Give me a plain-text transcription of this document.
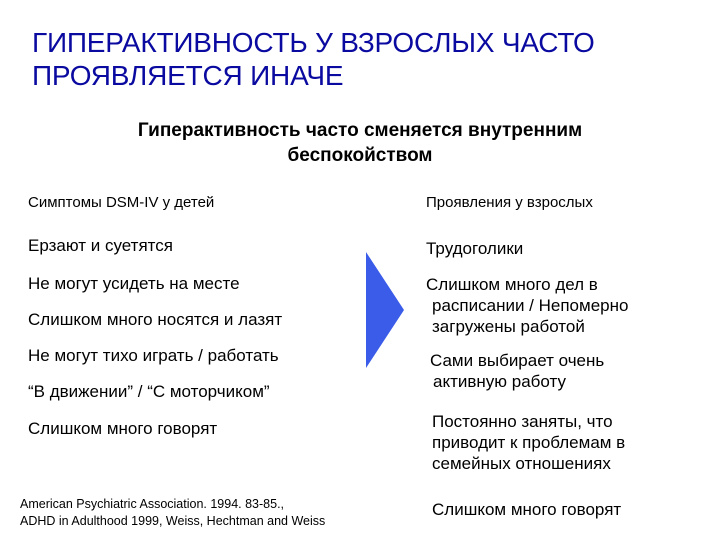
ГИПЕРАКТИВНОСТЬ У ВЗРОСЛЫХ ЧАСТО
ПРОЯВЛЯЕТСЯ ИНАЧЕ
Гиперактивность часто сменяется внутренним
беспокойством
Симптомы DSM-IV у детей	Проявления у взрослых
Ерзают и суетятся
Не могут усидеть на месте
Слишком много носятся и лазят
Не могут тихо играть / работать
“В движении” / “С моторчиком”
Слишком много говорят
Трудоголики
Слишком много дел в
расписании / Непомерно
загружены работой
Сами выбирает очень
активную работу
Постоянно заняты, что
приводит к проблемам в
семейных отношениях
Слишком много говорят
American Psychiatric Association. 1994. 83-85.,
ADHD in Adulthood 1999, Weiss, Hechtman and Weiss
